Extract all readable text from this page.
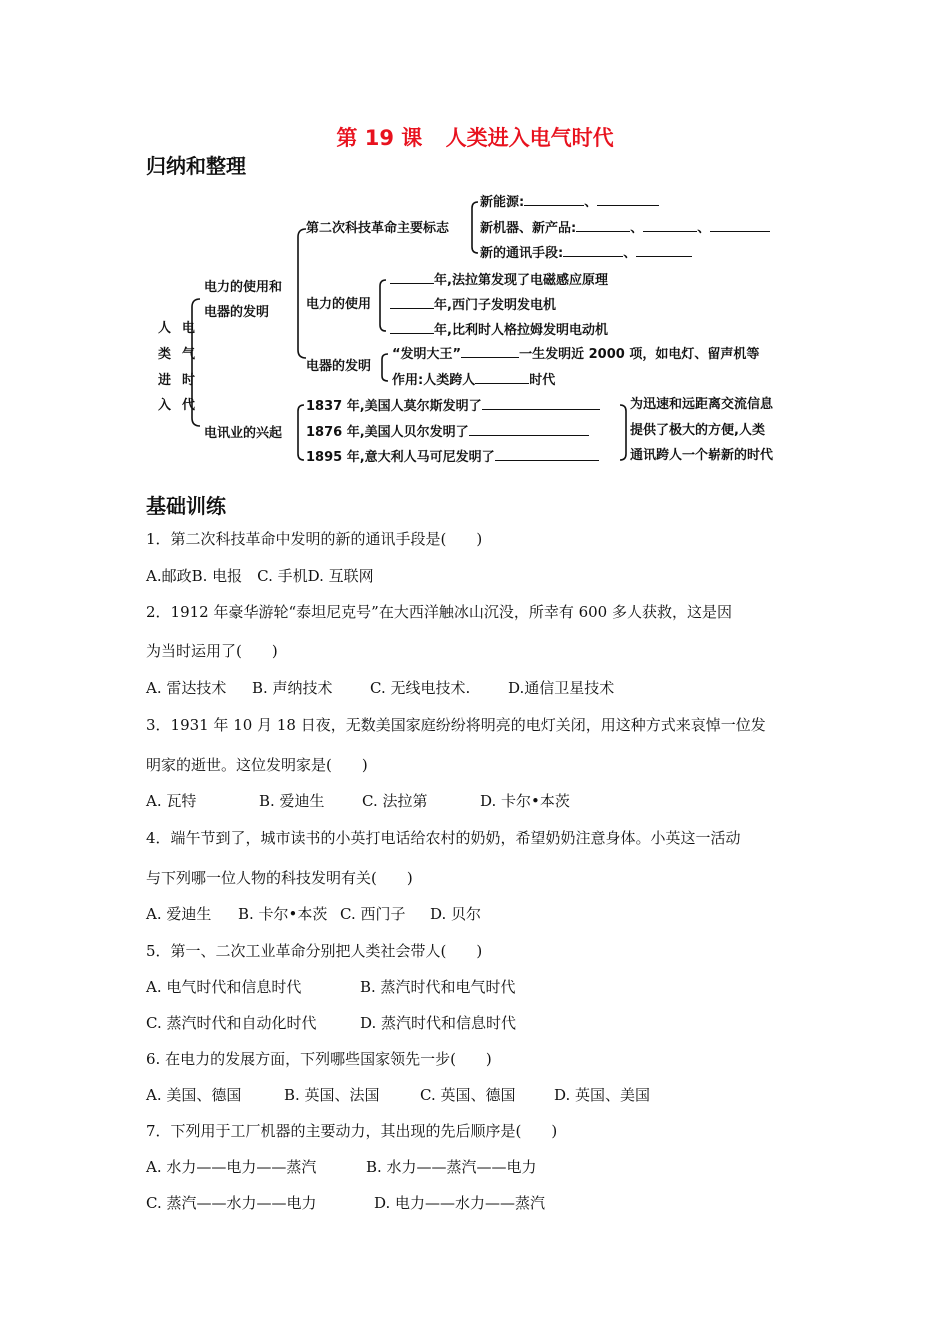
第 19 课 人类进入电气时代
归纳和整理
人
类
进
入
电
气
时
代
电力的使用和
电器的发明
电讯业的兴起
第二次科技革命主要标志
电力的使用
电器的发明
新能源:	、
新机器、新产品:	、	、
新的通讯手段:	、
年,法拉第发现了电磁感应原理
年,西门子发明发电机
年,比利时人格拉姆发明电动机
“发明大王”	一生发明近 2000 项，如电灯、留声机等
作用:人类跨人	时代
1837 年,美国人莫尔斯发明了
1876 年,美国人贝尔发明了
1895 年,意大利人马可尼发明了
为迅速和远距离交流信息
提供了极大的方便,人类
通讯跨人一个崭新的时代
基础训练
1．第二次科技革命中发明的新的通讯手段是(　　)
A.邮政B. 电报　C. 手机D. 互联网
2．1912 年豪华游轮“泰坦尼克号”在大西洋触冰山沉没，所幸有 600 多人获救，这是因
为当时运用了(　　)
A. 雷达技术 B. 声纳技术 C. 无线电技术.	D.通信卫星技术
3．1931 年 10 月 18 日夜，无数美国家庭纷纷将明亮的电灯关闭，用这种方式来哀悼一位发
明家的逝世。这位发明家是(　　)
A. 瓦特	B. 爱迪生 C. 法拉第	D. 卡尔•本茨
4．端午节到了，城市读书的小英打电话给农村的奶奶，希望奶奶注意身体。小英这一活动
与下列哪一位人物的科技发明有关(　　)
A. 爱迪生 B. 卡尔•本茨 C. 西门子 D. 贝尔
5．第一、二次工业革命分别把人类社会带人(　　)
A. 电气时代和信息时代	B. 蒸汽时代和电气时代
C. 蒸汽时代和自动化时代	D. 蒸汽时代和信息时代
6. 在电力的发展方面，下列哪些国家领先一步(　　)
A. 美国、德国	B. 英国、法国	C. 英国、德国	D. 英国、美国
7．下列用于工厂机器的主要动力，其出现的先后顺序是(　　)
A. 水力——电力——蒸汽	B. 水力——蒸汽——电力
C. 蒸汽——水力——电力	D. 电力——水力——蒸汽
